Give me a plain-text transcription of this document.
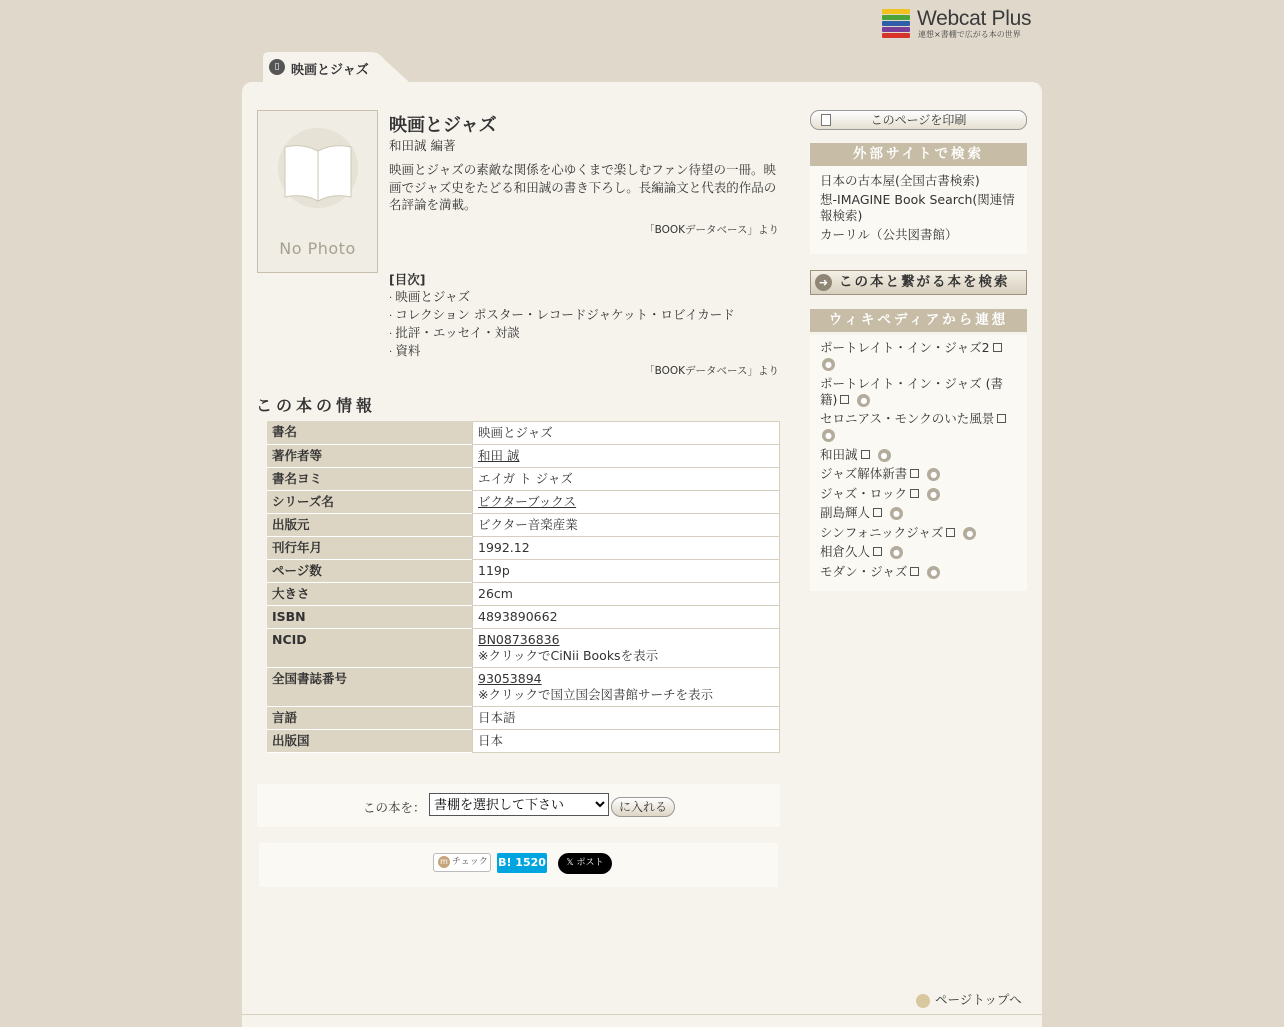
Webcat Plus
連想×書棚で広がる本の世界
▯ 映画とジャズ
No Photo
映画とジャズ
和田誠 編著
映画とジャズの素敵な関係を心ゆくまで楽しむファン待望の一冊。映画でジャズ史をたどる和田誠の書き下ろし。長編論文と代表的作品の名評論を満載。
「BOOKデータベース」より
[目次]
· 映画とジャズ
· コレクション ポスター・レコードジャケット・ロビイカード
· 批評・エッセイ・対談
· 資料
「BOOKデータベース」より
この本の情報
書名	映画とジャズ
著作者等	和田 誠
書名ヨミ	エイガ ト ジャズ
シリーズ名	ビクターブックス
出版元	ビクター音楽産業
刊行年月	1992.12
ページ数	119p
大きさ	26cm
ISBN	4893890662
NCID	BN08736836
※クリックでCiNii Booksを表示
全国書誌番号	93053894
※クリックで国立国会図書館サーチを表示
言語	日本語
出版国	日本
この本を：
書棚を選択して下さい	に入れる
m チェック B! 1520	𝕏 ポスト
このページを印刷
外部サイトで検索
日本の古本屋(全国古書検索)
想-IMAGINE Book Search(関連情報検索)
カーリル（公共図書館）
➜ この本と繋がる本を検索
ウィキペディアから連想
ポートレイト・イン・ジャズ2
●
ポートレイト・イン・ジャズ (書籍)	●
セロニアス・モンクのいた風景
●
和田誠	●
ジャズ解体新書	●
ジャズ・ロック	●
副島輝人	●
シンフォニックジャズ	●
相倉久人	●
モダン・ジャズ	●
ページトップへ
